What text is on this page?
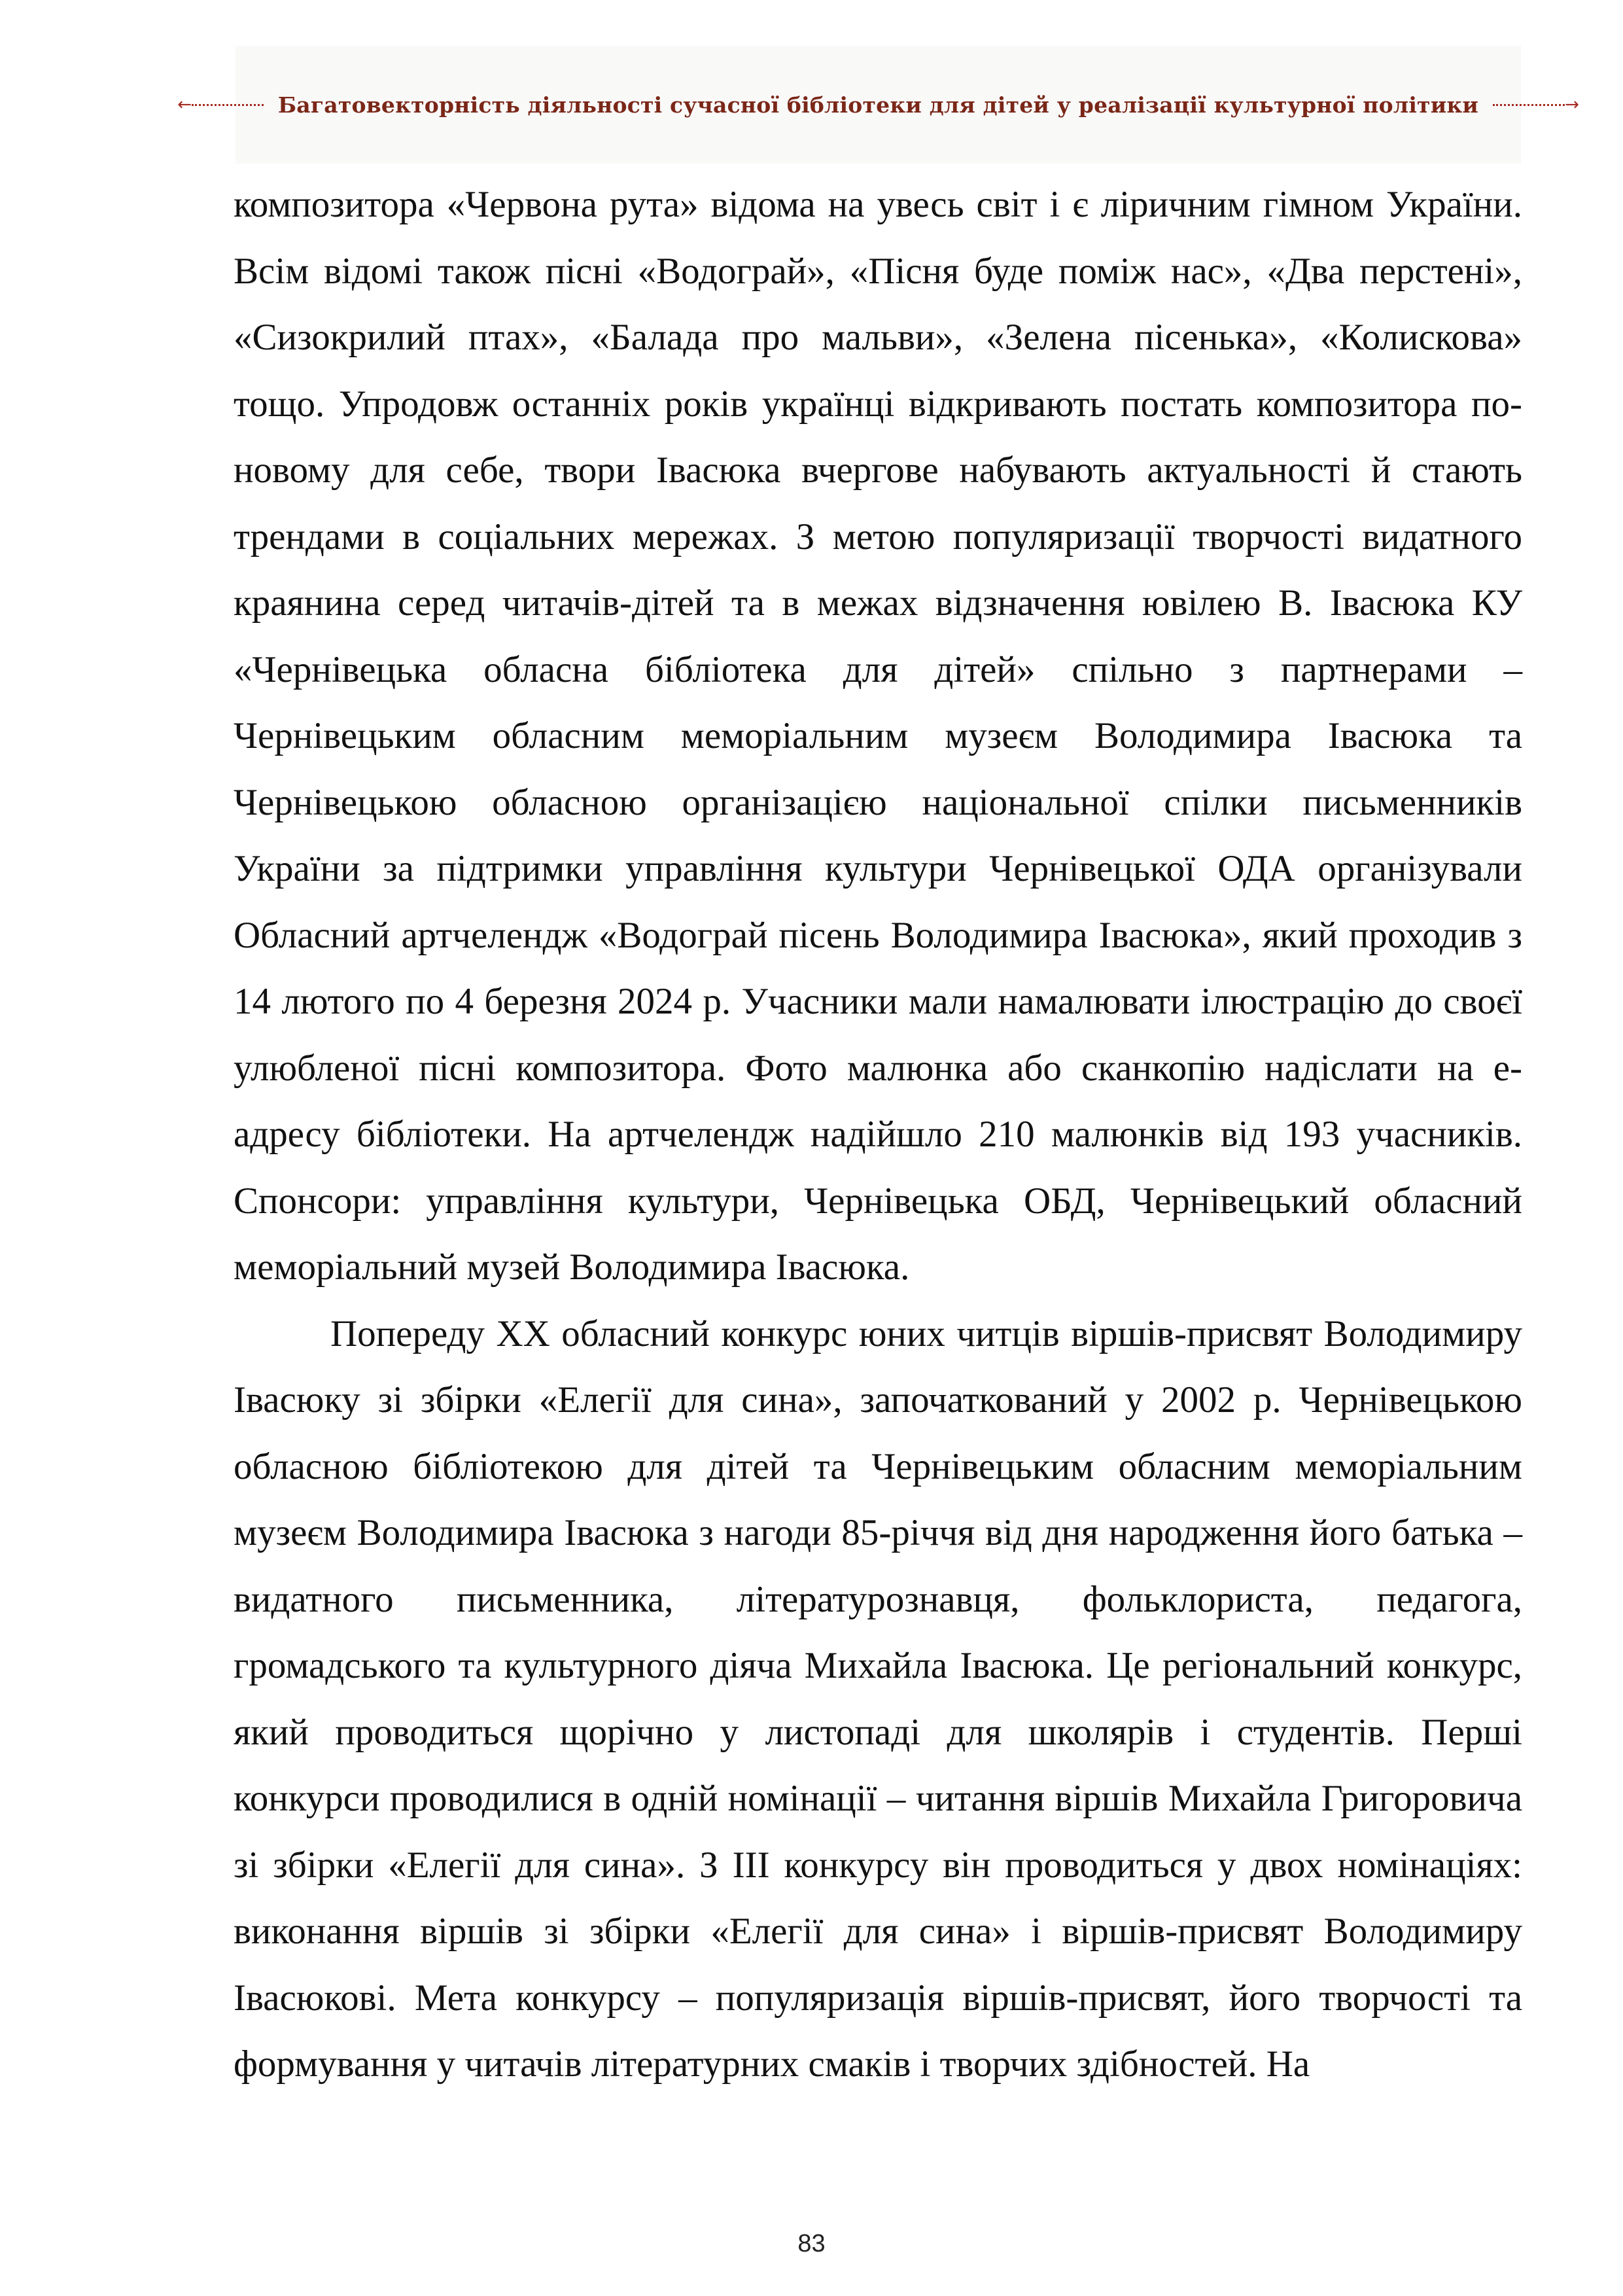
←	Багатовекторність діяльності сучасної бібліотеки для дітей у реалізації культурної політики	→

композитора «Червона рута» відома на увесь світ і є ліричним гімном України. Всім відомі також пісні «Водограй», «Пісня буде поміж нас», «Два перстені», «Сизокрилий птах», «Балада про мальви», «Зелена пісенька», «Колискова» тощо. Упродовж останніх років українці відкривають постать композитора по-новому для себе, твори Івасюка вчергове набувають актуальності й стають трендами в соціальних мережах. З метою популяризації творчості видатного краянина серед читачів-дітей та в межах відзначення ювілею В. Івасюка КУ «Чернівецька обласна бібліотека для дітей» спільно з партнерами – Чернівецьким обласним меморіальним музеєм Володимира Івасюка та Чернівецькою обласною організацією національної спілки письменників України за підтримки управління культури Чернівецької ОДА організували Обласний артчелендж «Водограй пісень Володимира Івасюка», який проходив з 14 лютого по 4 березня 2024 р. Учасники мали намалювати ілюстрацію до своєї улюбленої пісні композитора. Фото малюнка або сканкопію надіслати на е-адресу бібліотеки. На артчелендж надійшло 210 малюнків від 193 учасників. Спонсори: управління культури, Чернівецька ОБД, Чернівецький обласний меморіальний музей Володимира Івасюка.

Попереду XX обласний конкурс юних читців віршів-присвят Володимиру Івасюку зі збірки «Елегії для сина», започаткований у 2002 р. Чернівецькою обласною бібліотекою для дітей та Чернівецьким обласним меморіальним музеєм Володимира Івасюка з нагоди 85-річчя від дня народження його батька – видатного письменника, літературознавця, фольклориста, педагога, громадського та культурного діяча Михайла Івасюка. Це регіональний конкурс, який проводиться щорічно у листопаді для школярів і студентів. Перші конкурси проводилися в одній номінації – читання віршів Михайла Григоровича зі збірки «Елегії для сина». З III конкурсу він проводиться у двох номінаціях: виконання віршів зі збірки «Елегії для сина» і віршів-присвят Володимиру Івасюкові. Мета конкурсу – популяризація віршів-присвят, його творчості та формування у читачів літературних смаків і творчих здібностей. На

83
